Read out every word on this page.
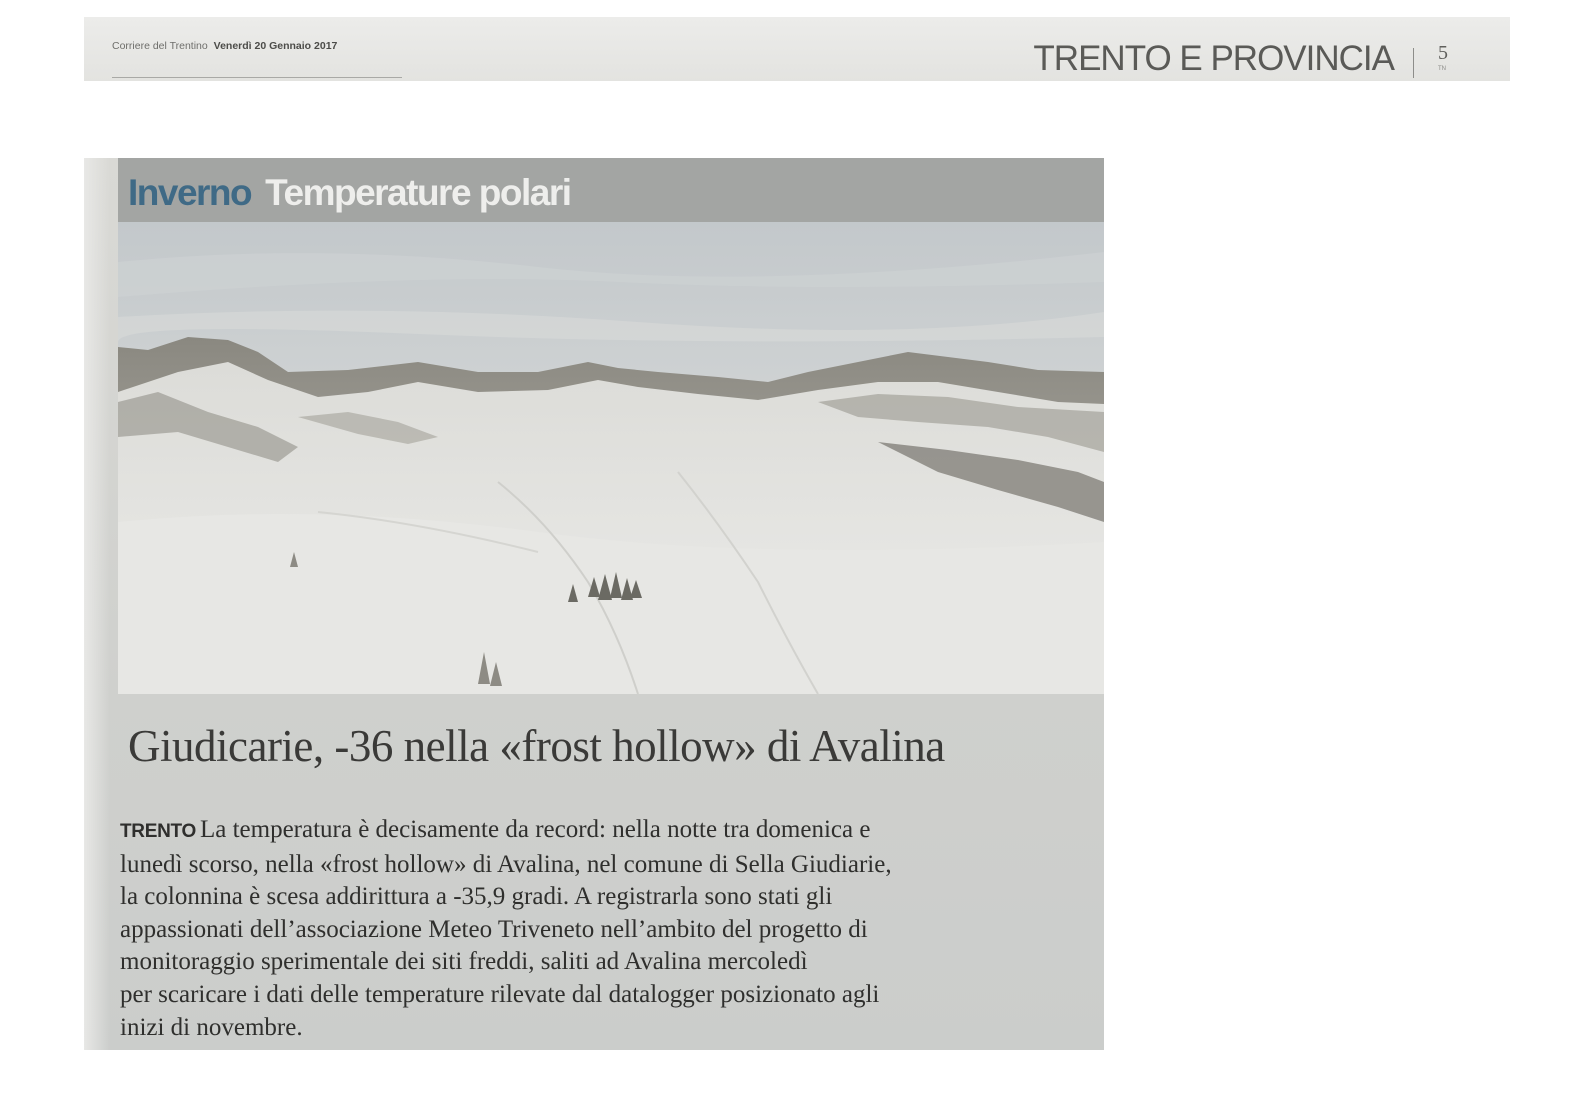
Corriere del Trentino Venerdì 20 Gennaio 2017	TRENTO E PROVINCIA 5
TN
Inverno Temperature polari
Giudicarie, -36 nella «frost hollow» di Avalina
TRENTO La temperatura è decisamente da record: nella notte tra domenica e
lunedì scorso, nella «frost hollow» di Avalina, nel comune di Sella Giudiarie,
la colonnina è scesa addirittura a -35,9 gradi. A registrarla sono stati gli
appassionati dell’associazione Meteo Triveneto nell’ambito del progetto di
monitoraggio sperimentale dei siti freddi, saliti ad Avalina mercoledì
per scaricare i dati delle temperature rilevate dal datalogger posizionato agli
inizi di novembre.
